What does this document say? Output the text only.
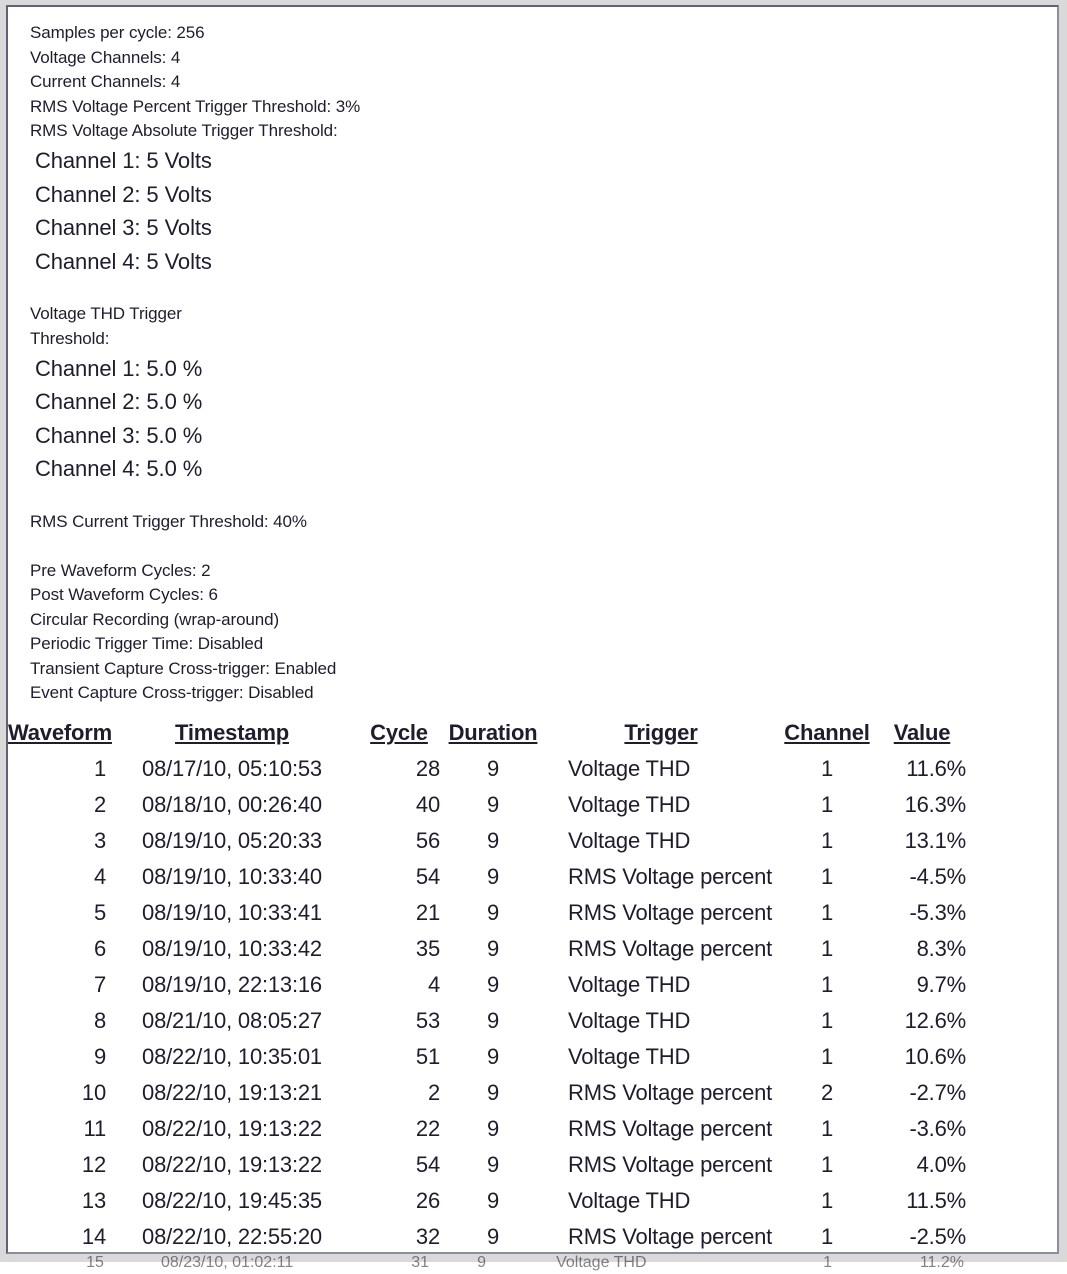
Samples per cycle: 256
Voltage Channels: 4
Current Channels: 4
RMS Voltage Percent Trigger Threshold: 3%
RMS Voltage Absolute Trigger Threshold:
Channel 1: 5 Volts
Channel 2: 5 Volts
Channel 3: 5 Volts
Channel 4: 5 Volts
Voltage THD Trigger
Threshold:
Channel 1: 5.0 %
Channel 2: 5.0 %
Channel 3: 5.0 %
Channel 4: 5.0 %
RMS Current Trigger Threshold: 40%
Pre Waveform Cycles: 2
Post Waveform Cycles: 6
Circular Recording (wrap-around)
Periodic Trigger Time: Disabled
Transient Capture Cross-trigger: Enabled
Event Capture Cross-trigger: Disabled
Waveform	Timestamp	Cycle	Duration	Trigger	Channel	Value
1	08/17/10, 05:10:53	28	9	Voltage THD	1	11.6%
2	08/18/10, 00:26:40	40	9	Voltage THD	1	16.3%
3	08/19/10, 05:20:33	56	9	Voltage THD	1	13.1%
4	08/19/10, 10:33:40	54	9	RMS Voltage percent	1	-4.5%
5	08/19/10, 10:33:41	21	9	RMS Voltage percent	1	-5.3%
6	08/19/10, 10:33:42	35	9	RMS Voltage percent	1	8.3%
7	08/19/10, 22:13:16	4	9	Voltage THD	1	9.7%
8	08/21/10, 08:05:27	53	9	Voltage THD	1	12.6%
9	08/22/10, 10:35:01	51	9	Voltage THD	1	10.6%
10	08/22/10, 19:13:21	2	9	RMS Voltage percent	2	-2.7%
11	08/22/10, 19:13:22	22	9	RMS Voltage percent	1	-3.6%
12	08/22/10, 19:13:22	54	9	RMS Voltage percent	1	4.0%
13	08/22/10, 19:45:35	26	9	Voltage THD	1	11.5%
14	08/22/10, 22:55:20	32	9	RMS Voltage percent	1	-2.5%
15	08/23/10, 01:02:11	31	9	Voltage THD	1	11.2%
